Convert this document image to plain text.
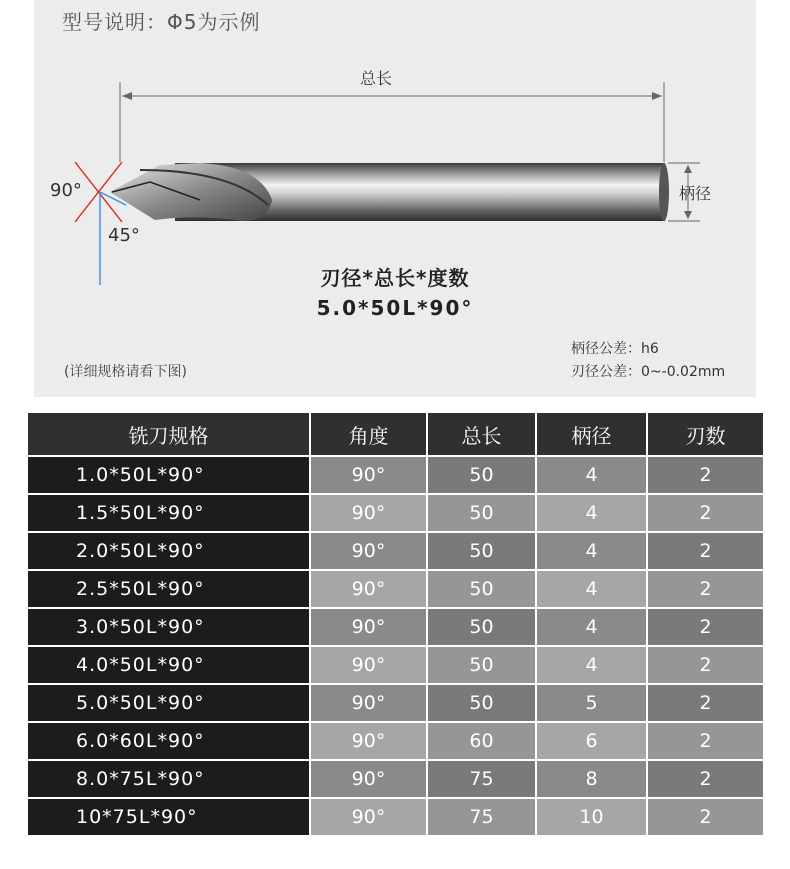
型号说明：Φ5为示例
总长
柄径
90°
45°
刃径*总长*度数
5.0*50L*90°
(详细规格请看下图)
柄径公差：h6
刃径公差：0~-0.02mm
铣刀规格	角度	总长	柄径	刃数
1.0*50L*90°	90°	50	4	2
1.5*50L*90°	90°	50	4	2
2.0*50L*90°	90°	50	4	2
2.5*50L*90°	90°	50	4	2
3.0*50L*90°	90°	50	4	2
4.0*50L*90°	90°	50	4	2
5.0*50L*90°	90°	50	5	2
6.0*60L*90°	90°	60	6	2
8.0*75L*90°	90°	75	8	2
10*75L*90°	90°	75	10	2
